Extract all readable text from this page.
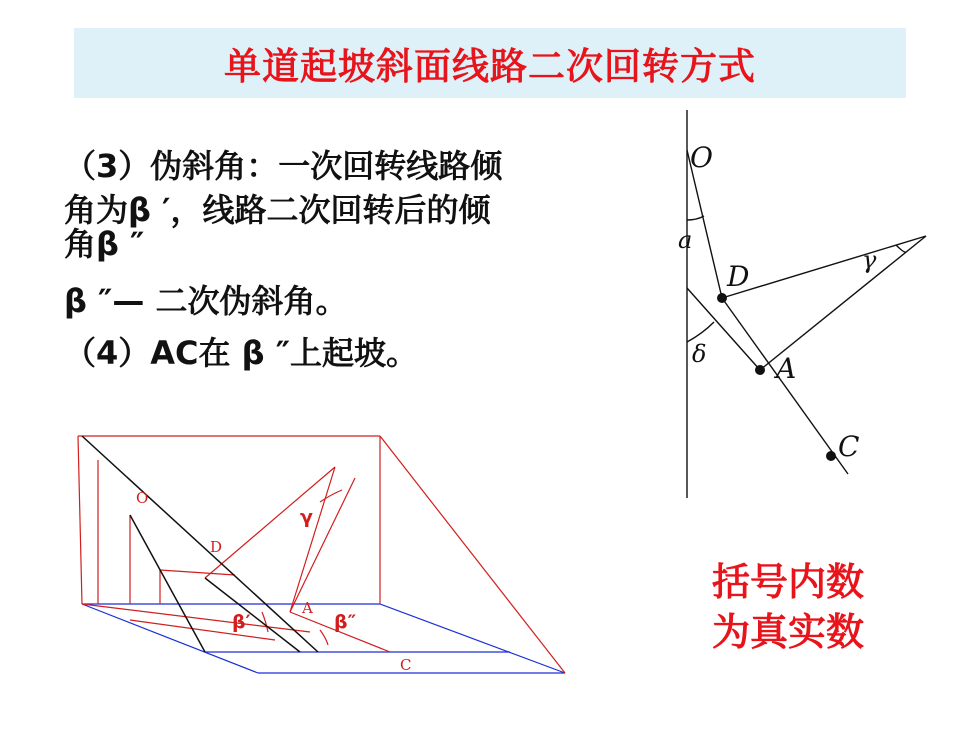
单道起坡斜面线路二次回转方式
（3）伪斜角：一次回转线路倾
角为β ′，线路二次回转后的倾
角β ″
β ″— 二次伪斜角。
（4）AC在 β ″上起坡。
括号内数
为真实数
O
a
D	γ
δ A
C
O
D
γ
A
β′	β″
C
